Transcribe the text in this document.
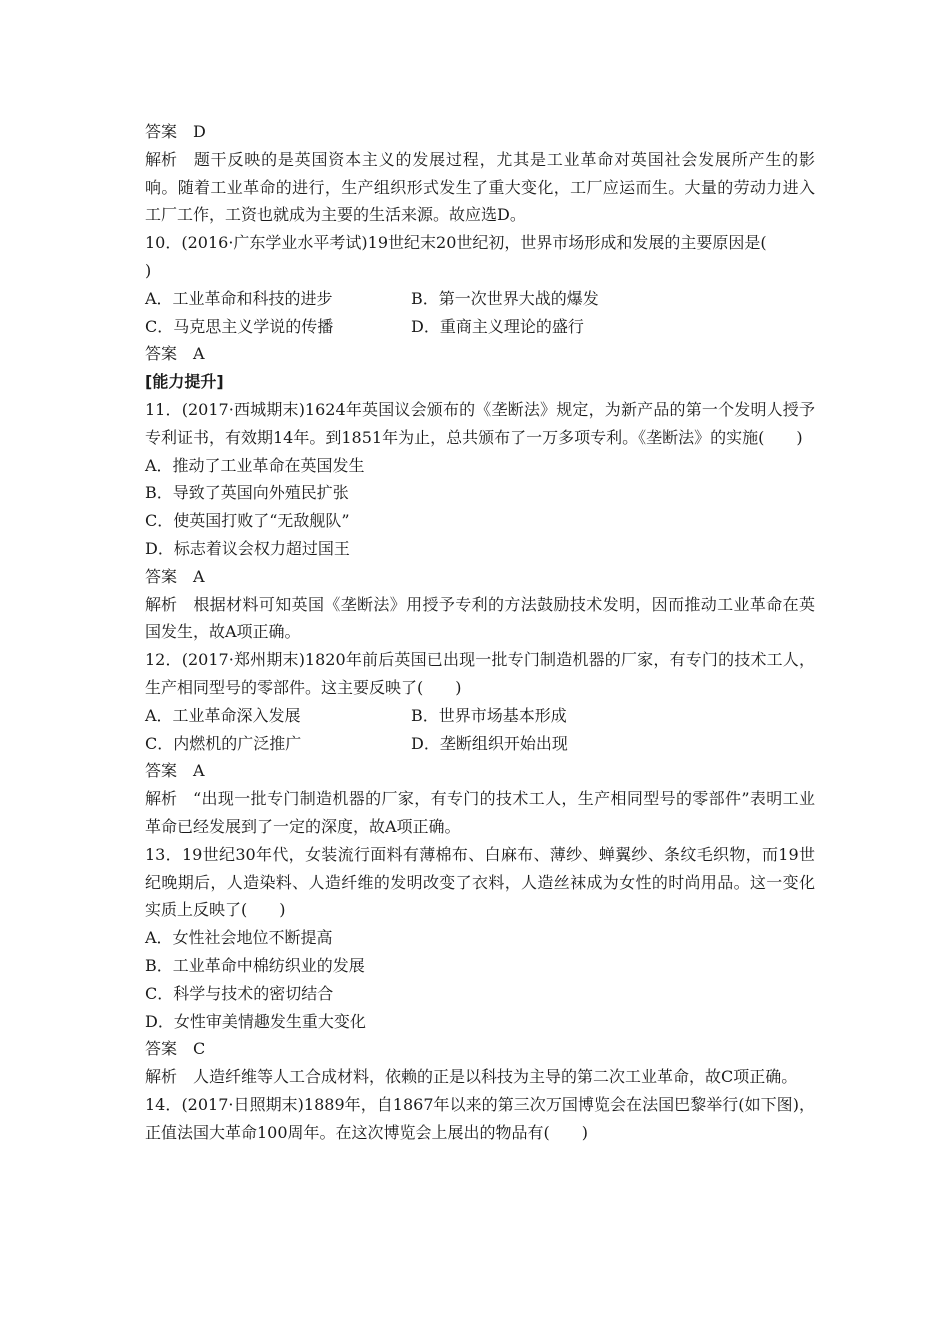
答案 D

解析 题干反映的是英国资本主义的发展过程，尤其是工业革命对英国社会发展所产生的影响。随着工业革命的进行，生产组织形式发生了重大变化，工厂应运而生。大量的劳动力进入工厂工作，工资也就成为主要的生活来源。故应选D。

10．(2016·广东学业水平考试)19世纪末20世纪初，世界市场形成和发展的主要原因是(

)

A．工业革命和科技的进步	B．第一次世界大战的爆发
C．马克思主义学说的传播	D．重商主义理论的盛行

答案 A

[能力提升]

11．(2017·西城期末)1624年英国议会颁布的《垄断法》规定，为新产品的第一个发明人授予专利证书，有效期14年。到1851年为止，总共颁布了一万多项专利。《垄断法》的实施(　　)

A．推动了工业革命在英国发生

B．导致了英国向外殖民扩张

C．使英国打败了“无敌舰队”

D．标志着议会权力超过国王

答案 A

解析 根据材料可知英国《垄断法》用授予专利的方法鼓励技术发明，因而推动工业革命在英国发生，故A项正确。

12．(2017·郑州期末)1820年前后英国已出现一批专门制造机器的厂家，有专门的技术工人，生产相同型号的零部件。这主要反映了(　　)

A．工业革命深入发展	B．世界市场基本形成
C．内燃机的广泛推广	D．垄断组织开始出现

答案 A

解析 “出现一批专门制造机器的厂家，有专门的技术工人，生产相同型号的零部件”表明工业革命已经发展到了一定的深度，故A项正确。

13．19世纪30年代，女装流行面料有薄棉布、白麻布、薄纱、蝉翼纱、条纹毛织物，而19世纪晚期后，人造染料、人造纤维的发明改变了衣料，人造丝袜成为女性的时尚用品。这一变化实质上反映了(　　)

A．女性社会地位不断提高

B．工业革命中棉纺织业的发展

C．科学与技术的密切结合

D．女性审美情趣发生重大变化

答案 C

解析 人造纤维等人工合成材料，依赖的正是以科技为主导的第二次工业革命，故C项正确。

14．(2017·日照期末)1889年，自1867年以来的第三次万国博览会在法国巴黎举行(如下图)，正值法国大革命100周年。在这次博览会上展出的物品有(　　)
